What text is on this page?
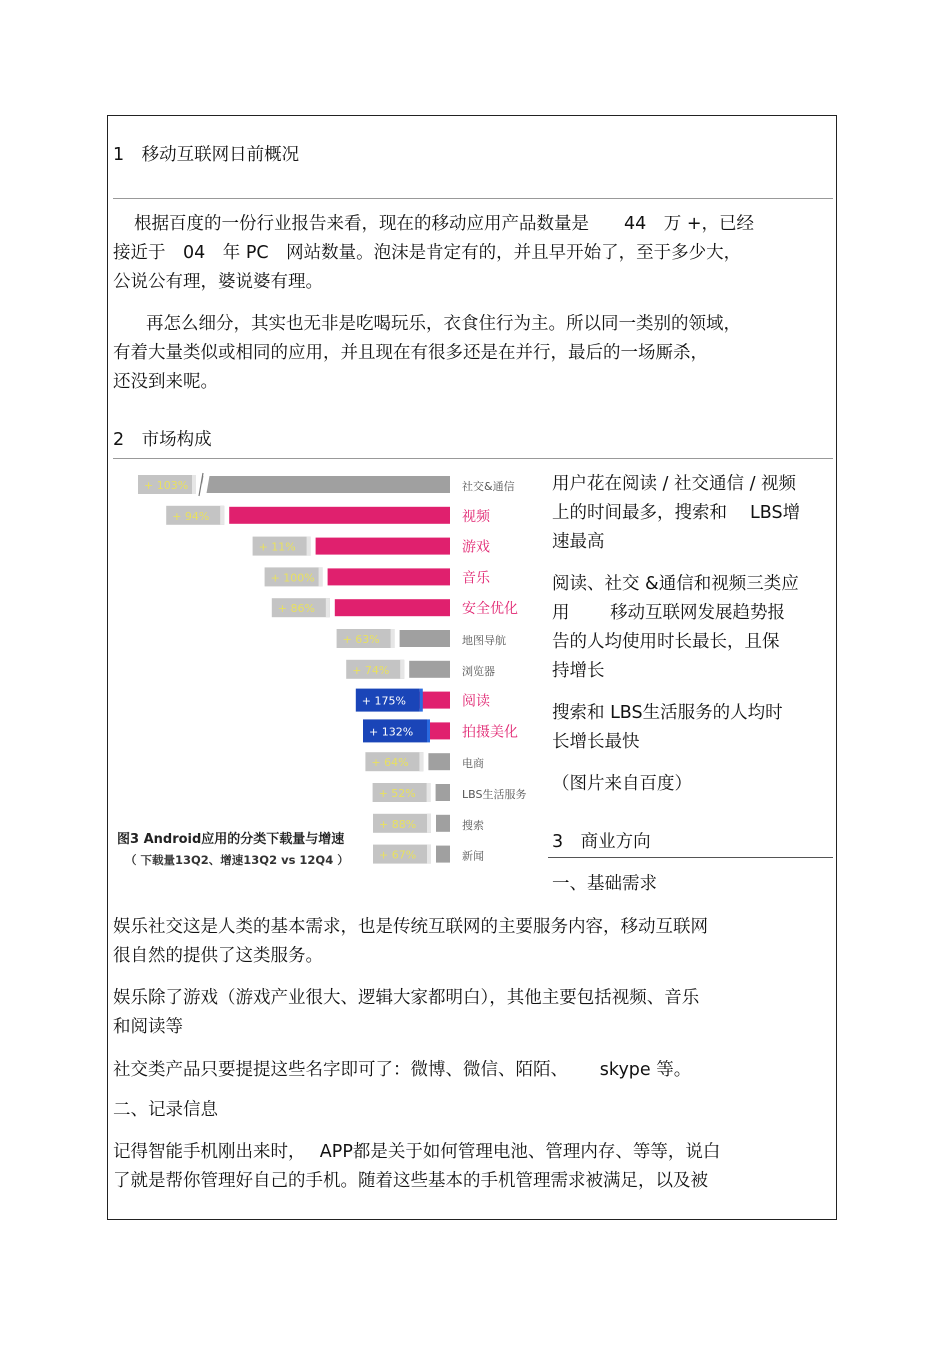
1　移动互联网日前概况
根据百度的一份行业报告来看，现在的移动应用产品数量是　　44　万 +，已经
接近于　04　年 PC　网站数量。泡沫是肯定有的，并且早开始了，至于多少大，
公说公有理，婆说婆有理。
再怎么细分，其实也无非是吃喝玩乐，衣食住行为主。所以同一类别的领域，
有着大量类似或相同的应用，并且现在有很多还是在并行，最后的一场厮杀，
还没到来呢。
2　市场构成
+ 103%	社交&通信
+ 94%	视频
+ 11%	游戏
+ 100%	音乐
+ 86%	安全优化
+ 63%	地图导航
+ 74%	浏览器
+ 175%	阅读
+ 132%	拍摄美化
+ 64%	电商
+ 52%	LBS生活服务
+ 88%	搜索
+ 67%	新闻
图3 Android应用的分类下载量与增速
（ 下载量13Q2、增速13Q2 vs 12Q4 ）
用户花在阅读 / 社交通信 / 视频
上的时间最多，搜索和　 LBS增
速最高
阅读、社交 &通信和视频三类应
用　　 移动互联网发展趋势报
告的人均使用时长最长，且保
持增长
搜索和 LBS生活服务的人均时
长增长最快
（图片来自百度）
3　商业方向
一、基础需求
娱乐社交这是人类的基本需求，也是传统互联网的主要服务内容，移动互联网
很自然的提供了这类服务。
娱乐除了游戏（游戏产业很大、逻辑大家都明白），其他主要包括视频、音乐
和阅读等
社交类产品只要提提这些名字即可了：微博、微信、陌陌、　　 skype 等。
二、记录信息
记得智能手机刚出来时，　 APP都是关于如何管理电池、管理内存、等等，说白
了就是帮你管理好自己的手机。随着这些基本的手机管理需求被满足，以及被
